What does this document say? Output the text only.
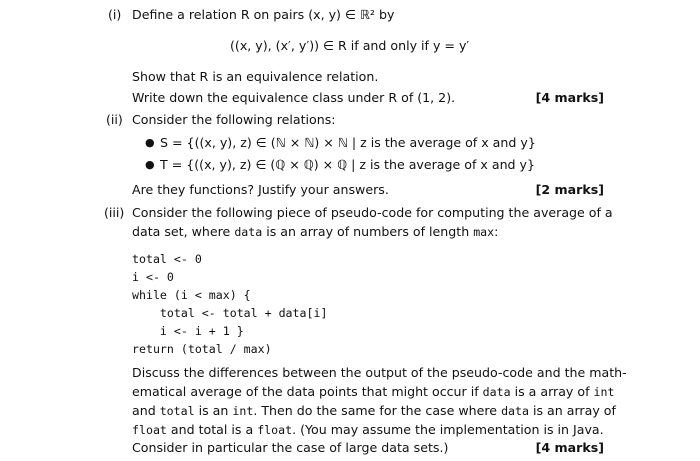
(i) Define a relation R on pairs (x, y) ∈ ℝ² by
((x, y), (x′, y′)) ∈ R if and only if y = y′
Show that R is an equivalence relation.
Write down the equivalence class under R of (1, 2).	[4 marks]
(ii) Consider the following relations:
● S = {((x, y), z) ∈ (ℕ × ℕ) × ℕ | z is the average of x and y}
● T = {((x, y), z) ∈ (ℚ × ℚ) × ℚ | z is the average of x and y}
Are they functions? Justify your answers.	[2 marks]
(iii) Consider the following piece of pseudo-code for computing the average of a
data set, where data is an array of numbers of length max:
total <- 0
i <- 0
while (i < max) {
total <- total + data[i]
i <- i + 1 }
return (total / max)
Discuss the differences between the output of the pseudo-code and the math-
ematical average of the data points that might occur if data is a array of int
and total is an int. Then do the same for the case where data is an array of
float and total is a float. (You may assume the implementation is in Java.
Consider in particular the case of large data sets.)	[4 marks]
